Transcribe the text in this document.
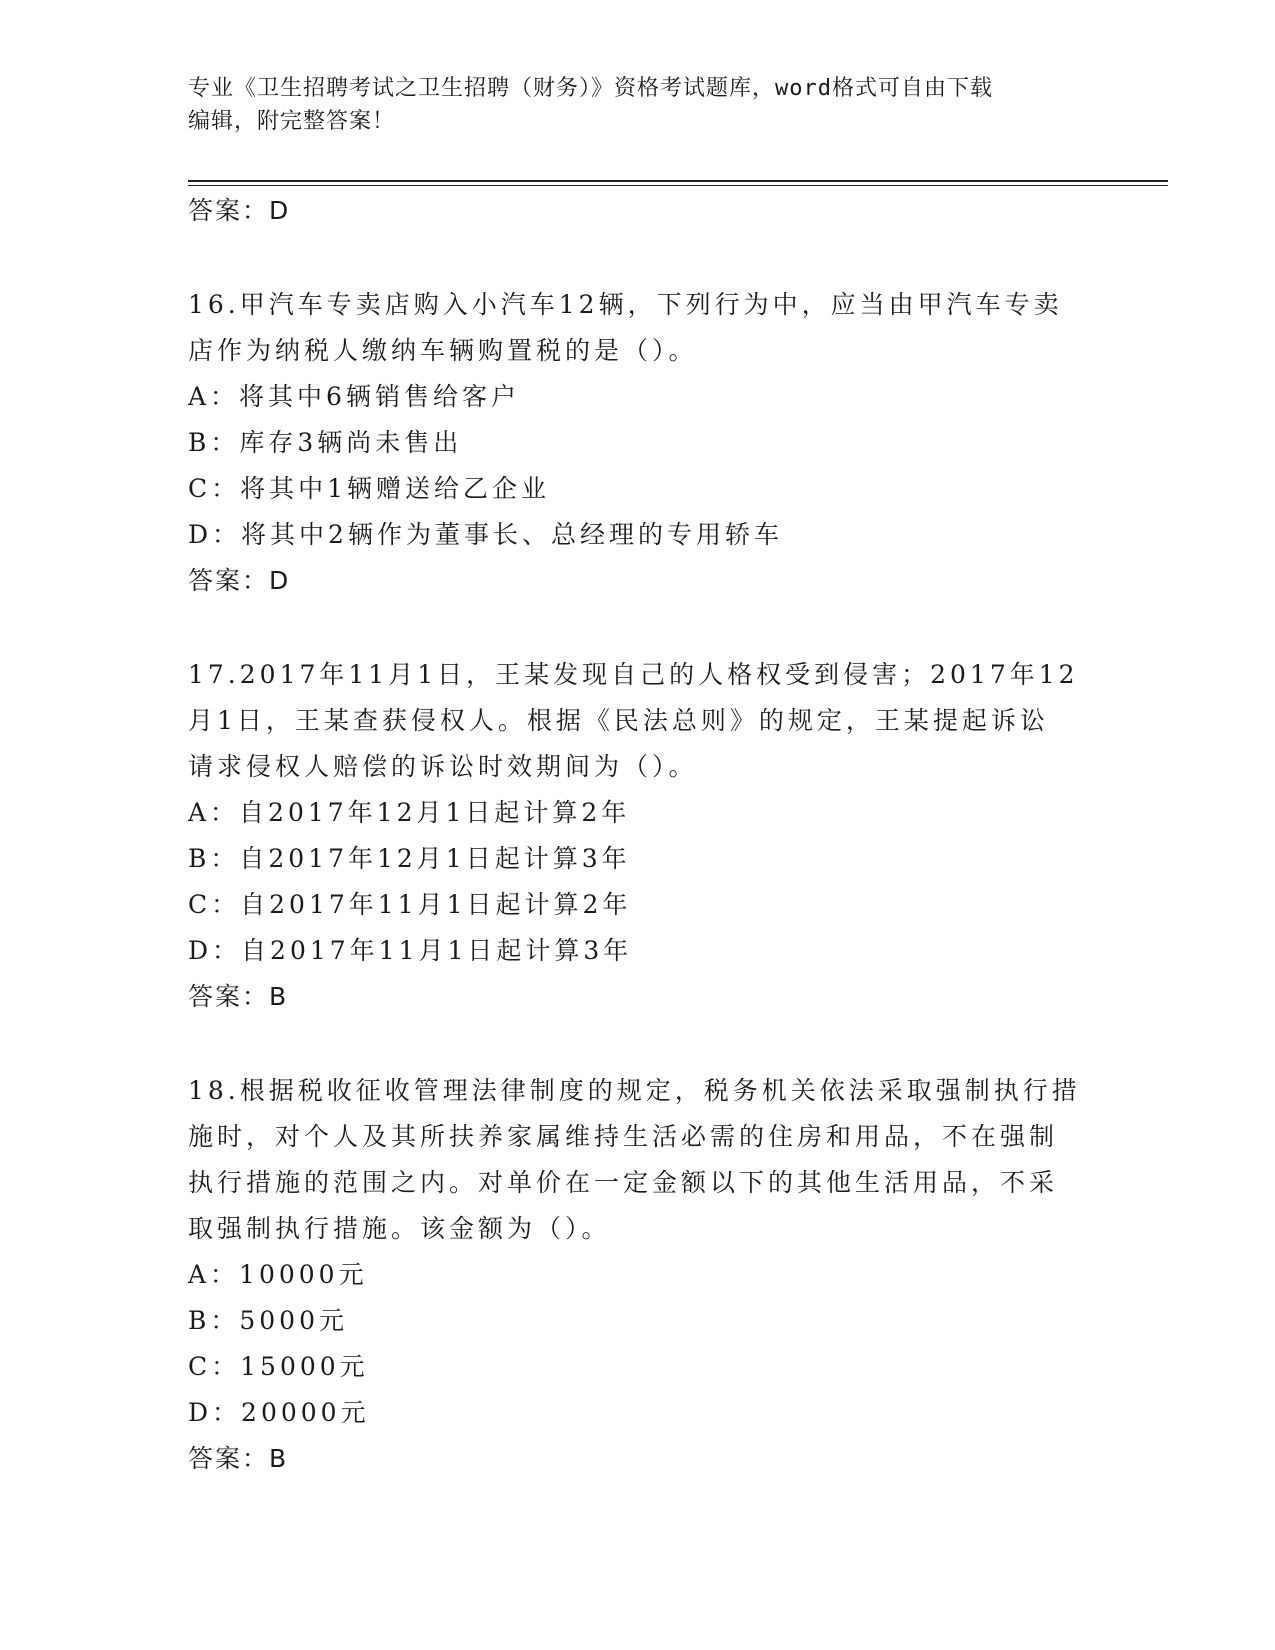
专业《卫生招聘考试之卫生招聘（财务）》资格考试题库，word格式可自由下载
编辑，附完整答案！
答案：D
16.甲汽车专卖店购入小汽车12辆，下列行为中，应当由甲汽车专卖
店作为纳税人缴纳车辆购置税的是（）。
A：将其中6辆销售给客户
B：库存3辆尚未售出
C：将其中1辆赠送给乙企业
D：将其中2辆作为董事长、总经理的专用轿车
答案：D
17.2017年11月1日，王某发现自己的人格权受到侵害；2017年12
月1日，王某查获侵权人。根据《民法总则》的规定，王某提起诉讼
请求侵权人赔偿的诉讼时效期间为（）。
A：自2017年12月1日起计算2年
B：自2017年12月1日起计算3年
C：自2017年11月1日起计算2年
D：自2017年11月1日起计算3年
答案：B
18.根据税收征收管理法律制度的规定，税务机关依法采取强制执行措
施时，对个人及其所扶养家属维持生活必需的住房和用品，不在强制
执行措施的范围之内。对单价在一定金额以下的其他生活用品，不采
取强制执行措施。该金额为（）。
A：10000元
B：5000元
C：15000元
D：20000元
答案：B
